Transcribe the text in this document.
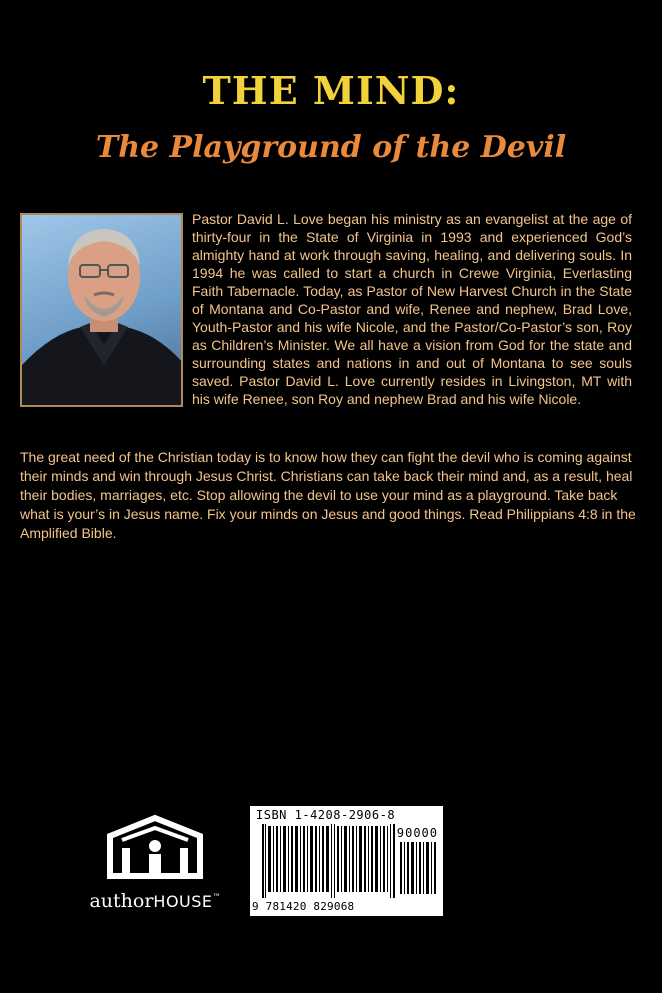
THE MIND:
The Playground of the Devil

Pastor David L. Love began his ministry as an evangelist at the age of thirty-four in the State of Virginia in 1993 and experienced God’s almighty hand at work through saving, healing, and delivering souls. In 1994 he was called to start a church in Crewe Virginia, Everlasting Faith Tabernacle. Today, as Pastor of New Harvest Church in the State of Montana and Co-Pastor and wife, Renee and nephew, Brad Love, Youth-Pastor and his wife Nicole, and the Pastor/Co-Pastor’s son, Roy as Children’s Minister. We all have a vision from God for the state and surrounding states and nations in and out of Montana to see souls saved. Pastor David L. Love currently resides in Livingston, MT with his wife Renee, son Roy and nephew Brad and his wife Nicole.

The great need of the Christian today is to know how they can fight the devil who is coming against their minds and win through Jesus Christ. Christians can take back their mind and, as a result, heal their bodies, marriages, etc. Stop allowing the devil to use your mind as a playground. Take back what is your’s in Jesus name. Fix your minds on Jesus and good things. Read Philippians 4:8 in the Amplified Bible.

authorHOUSE™
ISBN 1-4208-2906-8
90000
9 781420 829068
